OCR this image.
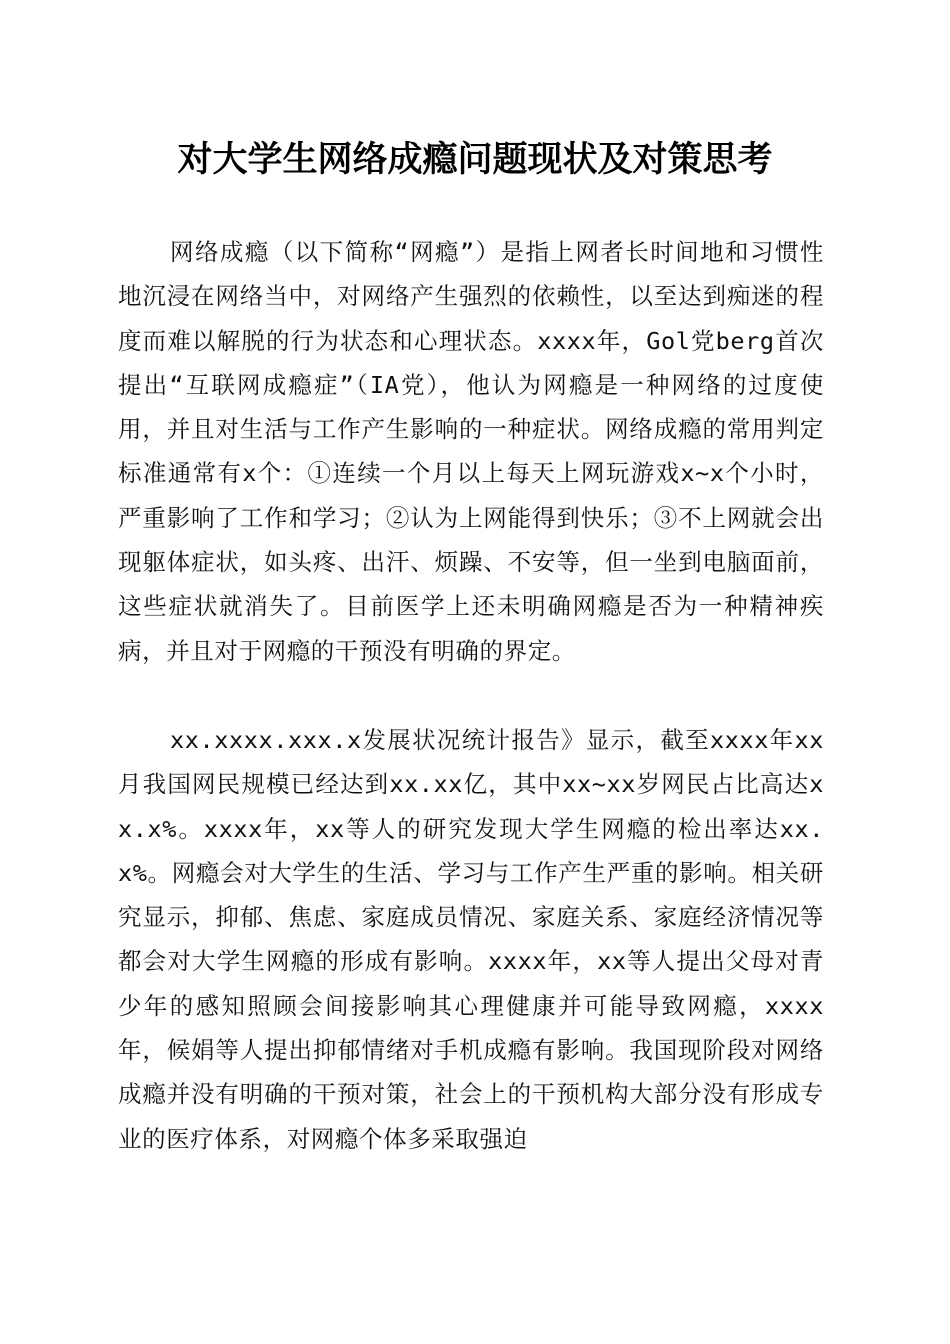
对大学生网络成瘾问题现状及对策思考

网络成瘾（以下简称“网瘾”）是指上网者长时间地和习惯性地沉浸在网络当中，对网络产生强烈的依赖性，以至达到痴迷的程度而难以解脱的行为状态和心理状态。xxxx年，Gol党berg首次提出“互联网成瘾症”（IA党），他认为网瘾是一种网络的过度使用，并且对生活与工作产生影响的一种症状。网络成瘾的常用判定标准通常有x个：①连续一个月以上每天上网玩游戏x~x个小时，严重影响了工作和学习；②认为上网能得到快乐；③不上网就会出现躯体症状，如头疼、出汗、烦躁、不安等，但一坐到电脑面前，这些症状就消失了。目前医学上还未明确网瘾是否为一种精神疾病，并且对于网瘾的干预没有明确的界定。

xx.xxxx.xxx.x发展状况统计报告》显示，截至xxxx年xx月我国网民规模已经达到xx.xx亿，其中xx~xx岁网民占比高达xx.x%。xxxx年，xx等人的研究发现大学生网瘾的检出率达xx.x%。网瘾会对大学生的生活、学习与工作产生严重的影响。相关研究显示，抑郁、焦虑、家庭成员情况、家庭关系、家庭经济情况等都会对大学生网瘾的形成有影响。xxxx年，xx等人提出父母对青少年的感知照顾会间接影响其心理健康并可能导致网瘾，xxxx年，候娟等人提出抑郁情绪对手机成瘾有影响。我国现阶段对网络成瘾并没有明确的干预对策，社会上的干预机构大部分没有形成专业的医疗体系，对网瘾个体多采取强迫
